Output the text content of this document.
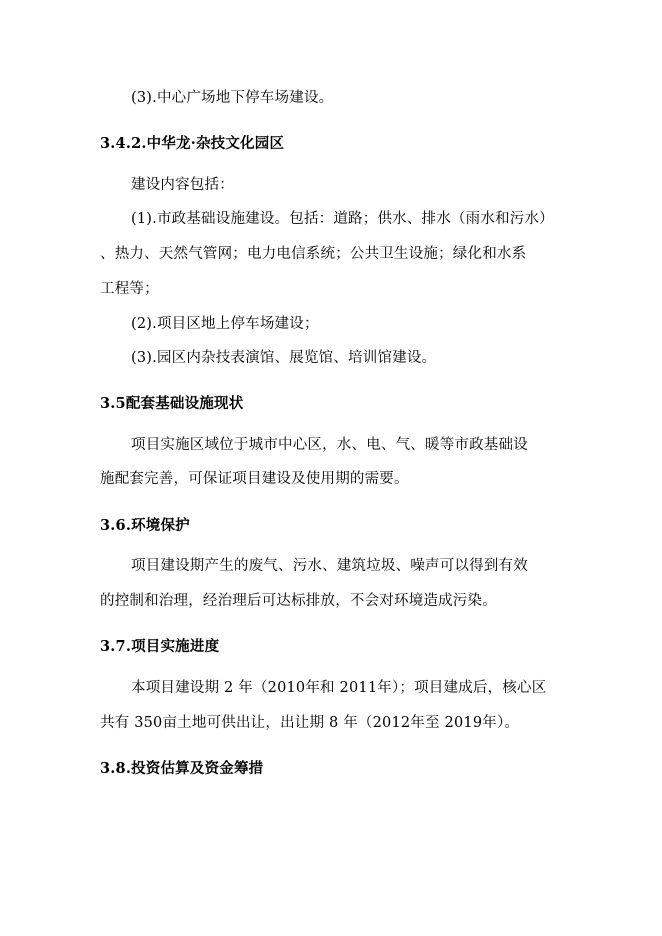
(3).中心广场地下停车场建设。
3.4.2.中华龙·杂技文化园区
建设内容包括：
(1).市政基础设施建设。包括：道路；供水、排水（雨水和污水）
、热力、天然气管网；电力电信系统；公共卫生设施；绿化和水系
工程等；
(2).项目区地上停车场建设；
(3).园区内杂技表演馆、展览馆、培训馆建设。
3.5配套基础设施现状
项目实施区域位于城市中心区，水、电、气、暖等市政基础设
施配套完善，可保证项目建设及使用期的需要。
3.6.环境保护
项目建设期产生的废气、污水、建筑垃圾、噪声可以得到有效
的控制和治理，经治理后可达标排放，不会对环境造成污染。
3.7.项目实施进度
本项目建设期 2 年（2010年和 2011年）；项目建成后，核心区
共有 350亩土地可供出让，出让期 8 年（2012年至 2019年）。
3.8.投资估算及资金筹措
